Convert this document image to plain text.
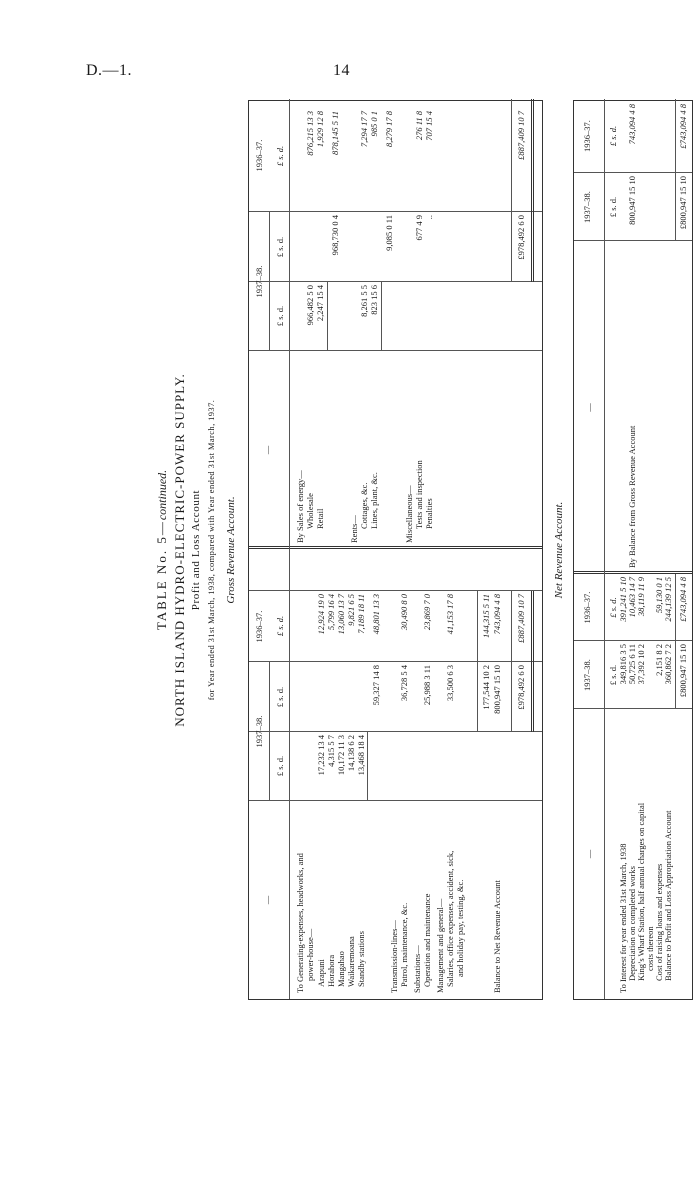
D.—1.	14
TABLE No. 5—continued. NORTH ISLAND HYDRO-ELECTRIC-POWER SUPPLY. Profit and Loss Account for Year ended 31st March, 1938, compared with Year ended 31st March, 1937. Gross Revenue Account.
—
1937–38.
1936–37.
£ s. d.
£ s. d.
£ s. d.
—
1937–38.
1936–37.
£ s. d.
£ s. d.
£ s. d.
To Generating-expenses, headworks, and power-house— Arapuni Horahora Mangahao Waikaremoana Standby stations
17,232 13 4 4,315 5 7 10,172 11 3 14,138 6 2 13,468 18 4
12,924 19 0 5,799 16 4 13,060 13 7 9,821 6 5 7,189 18 11
59,327 14 8
48,801 13 3
Transmission-lines— Patrol, maintenance, &c.
36,728 5 4
30,490 8 0
Substations— Operation and maintenance
25,988 3 11
23,869 7 0
Management and general— Salaries, office expenses, accident, sick, and holiday pay, testing, &c.
33,500 6 3
41,153 17 8
177,544 10 2
144,315 5 11
Balance to Net Revenue Account
800,947 15 10
743,094 4 8
£978,492 6 0
£887,409 10 7
By Sales of energy— Wholesale Retail
966,482 5 0 2,247 15 4
876,215 13 3 1,929 12 8
968,730 0 4
878,145 5 11
Rents—
Cottages, &c. Lines, plant, &c.
8,261 5 5 823 15 6
7,294 17 7 985 0 1
9,085 0 11
8,279 17 8
Miscellaneous— Tests and inspection Penalties
677 4 9 ..
276 11 8 707 15 4
£978,492 6 0
£887,409 10 7
Net Revenue Account.
—
1937–38.
1936–37.
—
1937–38.
1936–37.
£ s. d.
£ s. d.
£ s. d.
£ s. d.
To Interest for year ended 31st March, 1938 Depreciation on completed works King’s Wharf Station, half annual charges on capital costs thereon Cost of raising loans and expenses Balance to Profit and Loss Appropriation Account
349,816 3 5 50,725 6 11 37,392 10 2 2,151 8 2 360,862 7 2
391,241 5 10 10,463 14 7 38,119 11 9 59,130 0 1 244,139 12 5
£800,947 15 10
£743,094 4 8
By Balance from Gross Revenue Account
800,947 15 10
743,094 4 8
£800,947 15 10
£743,094 4 8
